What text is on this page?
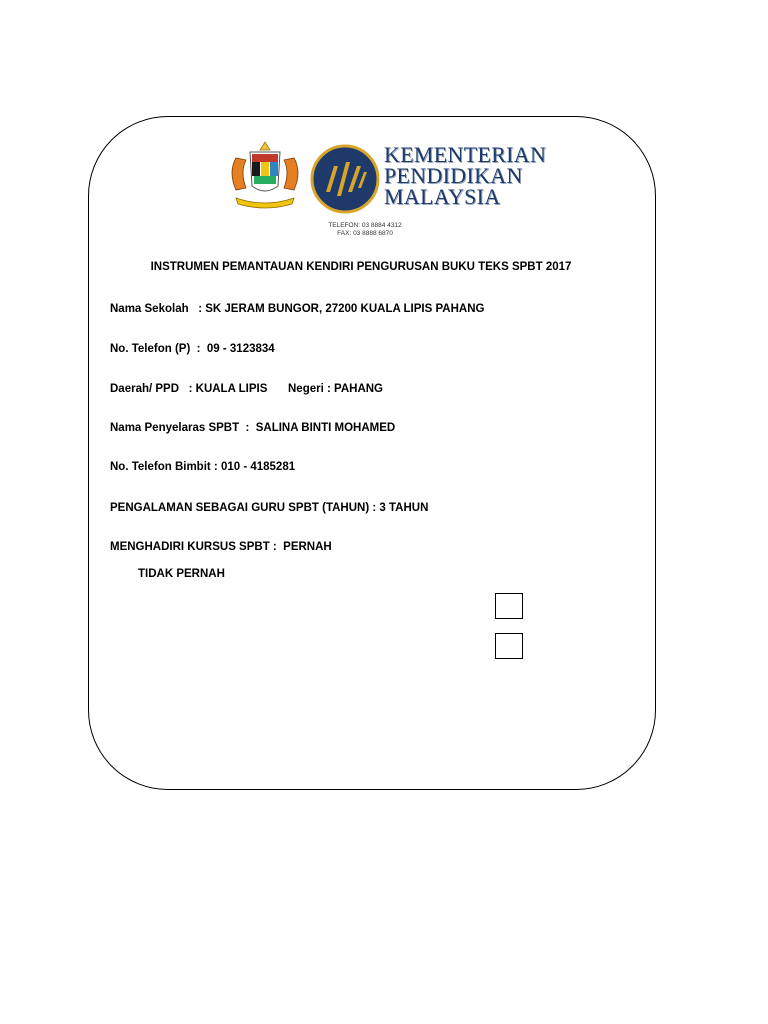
KEMENTERIAN
PENDIDIKAN
MALAYSIA
TELEFON: 03 8884 4312
FAX: 03 8888 6870
INSTRUMEN PEMANTAUAN KENDIRI PENGURUSAN BUKU TEKS SPBT 2017
Nama Sekolah   : SK JERAM BUNGOR, 27200 KUALA LIPIS PAHANG
No. Telefon (P)  :  09 - 3123834
Daerah/ PPD   : KUALA LIPIS Negeri : PAHANG
Nama Penyelaras SPBT  :  SALINA BINTI MOHAMED
No. Telefon Bimbit : 010 - 4185281
PENGALAMAN SEBAGAI GURU SPBT (TAHUN) : 3 TAHUN
MENGHADIRI KURSUS SPBT :  PERNAH
TIDAK PERNAH
